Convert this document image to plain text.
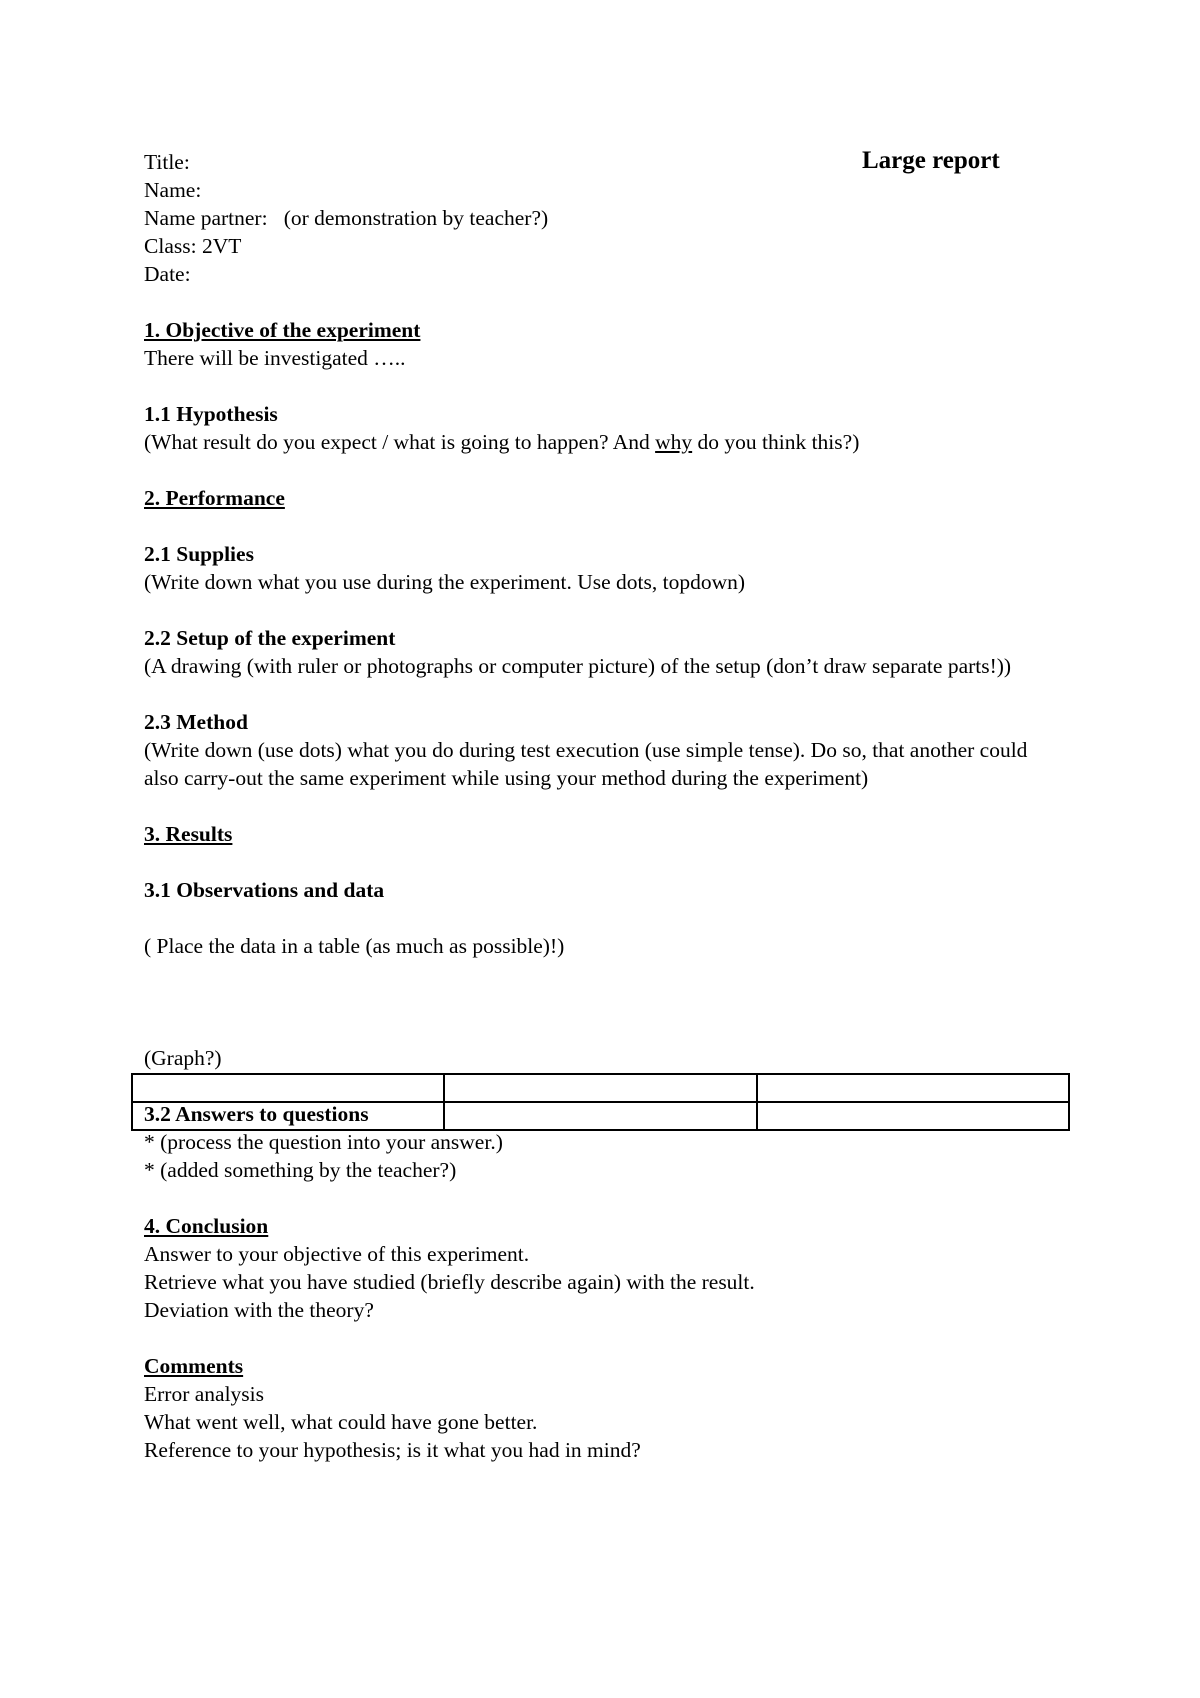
Large report
Title:
Name:
Name partner: (or demonstration by teacher?)
Class: 2VT
Date:
1. Objective of the experiment
There will be investigated …..
1.1 Hypothesis
(What result do you expect / what is going to happen? And why do you think this?)
2. Performance
2.1 Supplies
(Write down what you use during the experiment. Use dots, topdown)
2.2 Setup of the experiment
(A drawing (with ruler or photographs or computer picture) of the setup (don’t draw separate parts!))
2.3 Method
(Write down (use dots) what you do during test execution (use simple tense). Do so, that another could also carry-out the same experiment while using your method during the experiment)
3. Results
3.1 Observations and data
( Place the data in a table (as much as possible)!)
(Graph?)
3.2 Answers to questions
* (process the question into your answer.)
* (added something by the teacher?)
4. Conclusion
Answer to your objective of this experiment.
Retrieve what you have studied (briefly describe again) with the result.
Deviation with the theory?
Comments
Error analysis
What went well, what could have gone better.
Reference to your hypothesis; is it what you had in mind?
